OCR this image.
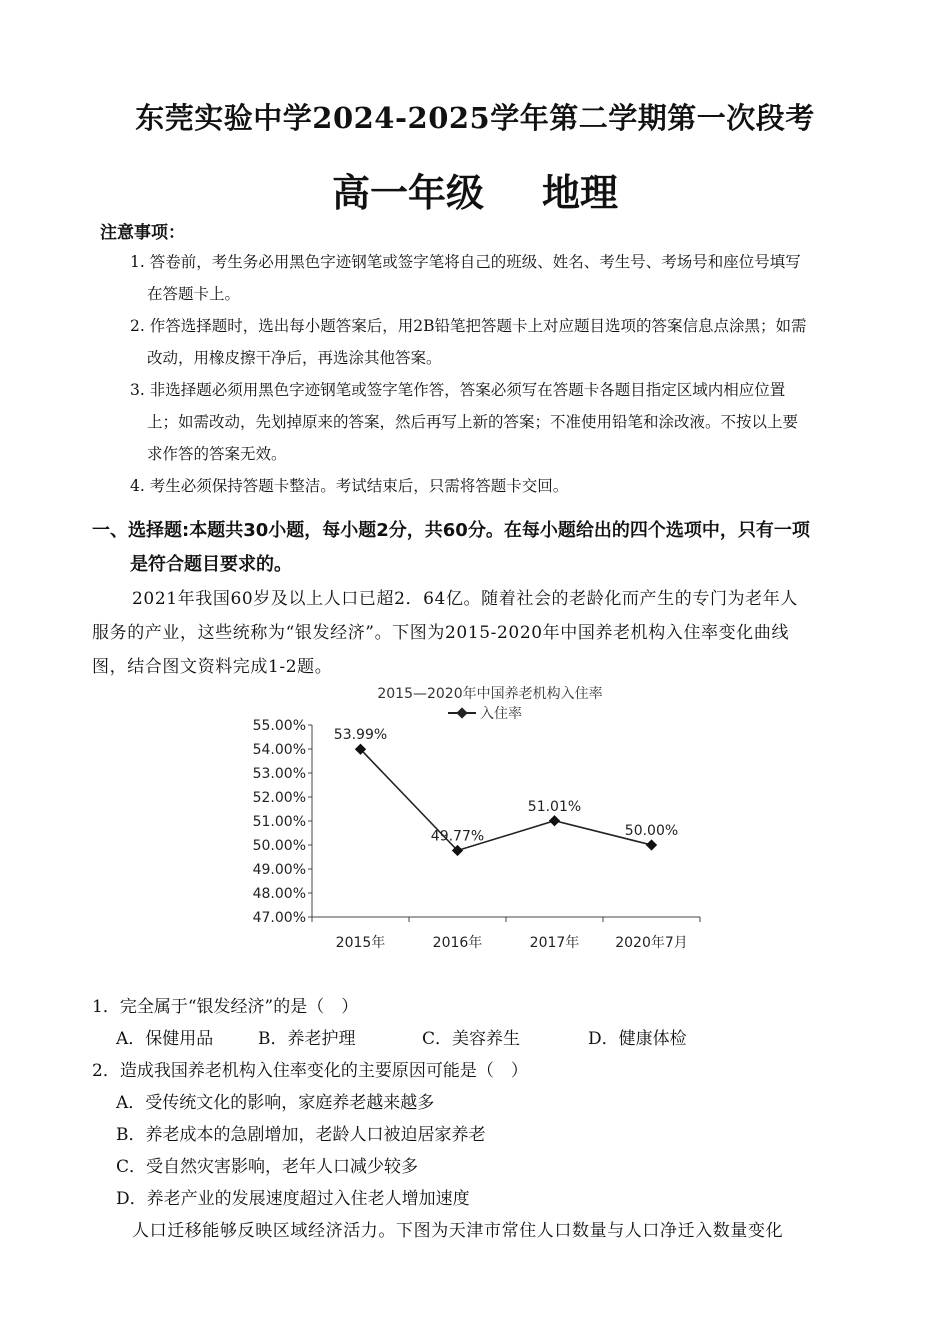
东莞实验中学2024-2025学年第二学期第一次段考
高一年级 地理
注意事项：
1. 答卷前，考生务必用黑色字迹钢笔或签字笔将自己的班级、姓名、考生号、考场号和座位号填写
在答题卡上。
2. 作答选择题时，选出每小题答案后，用2B铅笔把答题卡上对应题目选项的答案信息点涂黑；如需
改动，用橡皮擦干净后，再选涂其他答案。
3. 非选择题必须用黑色字迹钢笔或签字笔作答，答案必须写在答题卡各题目指定区域内相应位置
上；如需改动，先划掉原来的答案，然后再写上新的答案；不准使用铅笔和涂改液。不按以上要
求作答的答案无效。
4. 考生必须保持答题卡整洁。考试结束后，只需将答题卡交回。
一、选择题:本题共30小题，每小题2分，共60分。在每小题给出的四个选项中，只有一项
是符合题目要求的。
2021年我国60岁及以上人口已超2．64亿。随着社会的老龄化而产生的专门为老年人
服务的产业，这些统称为“银发经济”。下图为2015-2020年中国养老机构入住率变化曲线
图，结合图文资料完成1-2题。
2015—2020年中国养老机构入住率
入住率
55.00%
54.00%
53.00%
52.00%
51.00%
50.00%
49.00%
48.00%
47.00%
2015年	2016年	2017年	2020年7月
53.99%
49.77%
51.01%
50.00%
1．完全属于“银发经济”的是（　）
A．保健用品	B．养老护理	C．美容养生	D．健康体检
2．造成我国养老机构入住率变化的主要原因可能是（　）
A．受传统文化的影响，家庭养老越来越多
B．养老成本的急剧增加，老龄人口被迫居家养老
C．受自然灾害影响，老年人口减少较多
D．养老产业的发展速度超过入住老人增加速度
人口迁移能够反映区域经济活力。下图为天津市常住人口数量与人口净迁入数量变化
